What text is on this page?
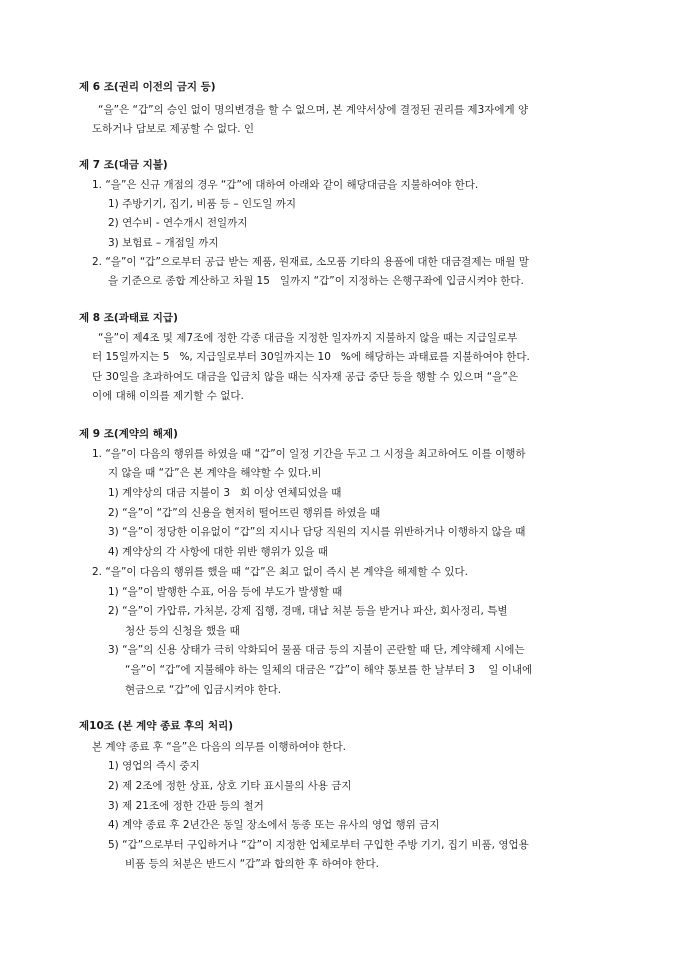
제 6 조(권리 이전의 금지 등)
“을”은 “갑”의 승인 없이 명의변경을 할 수 없으며, 본 계약서상에 결정된 권리를 제3자에게 양
도하거나 담보로 제공할 수 없다. 인
제 7 조(대금 지불)
1. “을”은 신규 개점의 경우 “갑”에 대하여 아래와 같이 해당대금을 지불하여야 한다.
1) 주방기기, 집기, 비품 등 – 인도일 까지
2) 연수비 - 연수개시 전일까지
3) 보험료 – 개점일 까지
2. “을”이 “갑”으로부터 공급 받는 제품, 원재료, 소모품 기타의 용품에 대한 대금결제는 매월 말
을 기준으로 종합 계산하고 차월 15   일까지 “갑”이 지정하는 은행구좌에 입금시켜야 한다.
제 8 조(과태료 지급)
“을”이 제4조 및 제7조에 정한 각종 대금을 지정한 일자까지 지불하지 않을 때는 지급일로부
터 15일까지는 5   %, 지급일로부터 30일까지는 10   %에 해당하는 과태료를 지불하여야 한다.
단 30일을 초과하여도 대금을 입금치 않을 때는 식자재 공급 중단 등을 행할 수 있으며 “을”은
이에 대해 이의를 제기할 수 없다.
제 9 조(계약의 해제)
1. “을”이 다음의 행위를 하였을 때 “갑”이 일정 기간을 두고 그 시정을 최고하여도 이를 이행하
지 않을 때 “갑”은 본 계약을 해약할 수 있다.비
1) 계약상의 대금 지불이 3   회 이상 연체되었을 때
2) “을”이 “갑”의 신용을 현저히 떨어뜨린 행위를 하였을 때
3) “을”이 정당한 이유없이 “갑”의 지시나 담당 직원의 지시를 위반하거나 이행하지 않을 때
4) 계약상의 각 사항에 대한 위반 행위가 있을 때
2. “을”이 다음의 행위를 했을 때 “갑”은 최고 없이 즉시 본 계약을 해제할 수 있다.
1) “을”이 발행한 수표, 어음 등에 부도가 발생할 때
2) “을”이 가압류, 가처분, 강제 집행, 경매, 대납 처분 등을 받거나 파산, 회사정리, 특별
청산 등의 신청을 했을 때
3) “을”의 신용 상태가 극히 악화되어 물품 대금 등의 지불이 곤란할 때 단, 계약해제 시에는
“을”이 “갑”에 지불해야 하는 일체의 대금은 “갑”이 해약 통보를 한 날부터 3    일 이내에
현금으로 “갑”에 입금시켜야 한다.
제10조 (본 계약 종료 후의 처리)
본 계약 종료 후 “을”은 다음의 의무를 이행하여야 한다.
1) 영업의 즉시 중지
2) 제 2조에 정한 상표, 상호 기타 표시물의 사용 금지
3) 제 21조에 정한 간판 등의 철거
4) 계약 종료 후 2년간은 동일 장소에서 동종 또는 유사의 영업 행위 금지
5) “갑”으로부터 구입하거나 “갑”이 지정한 업체로부터 구입한 주방 기기, 집기 비품, 영업용
비품 등의 처분은 반드시 “갑”과 합의한 후 하여야 한다.
